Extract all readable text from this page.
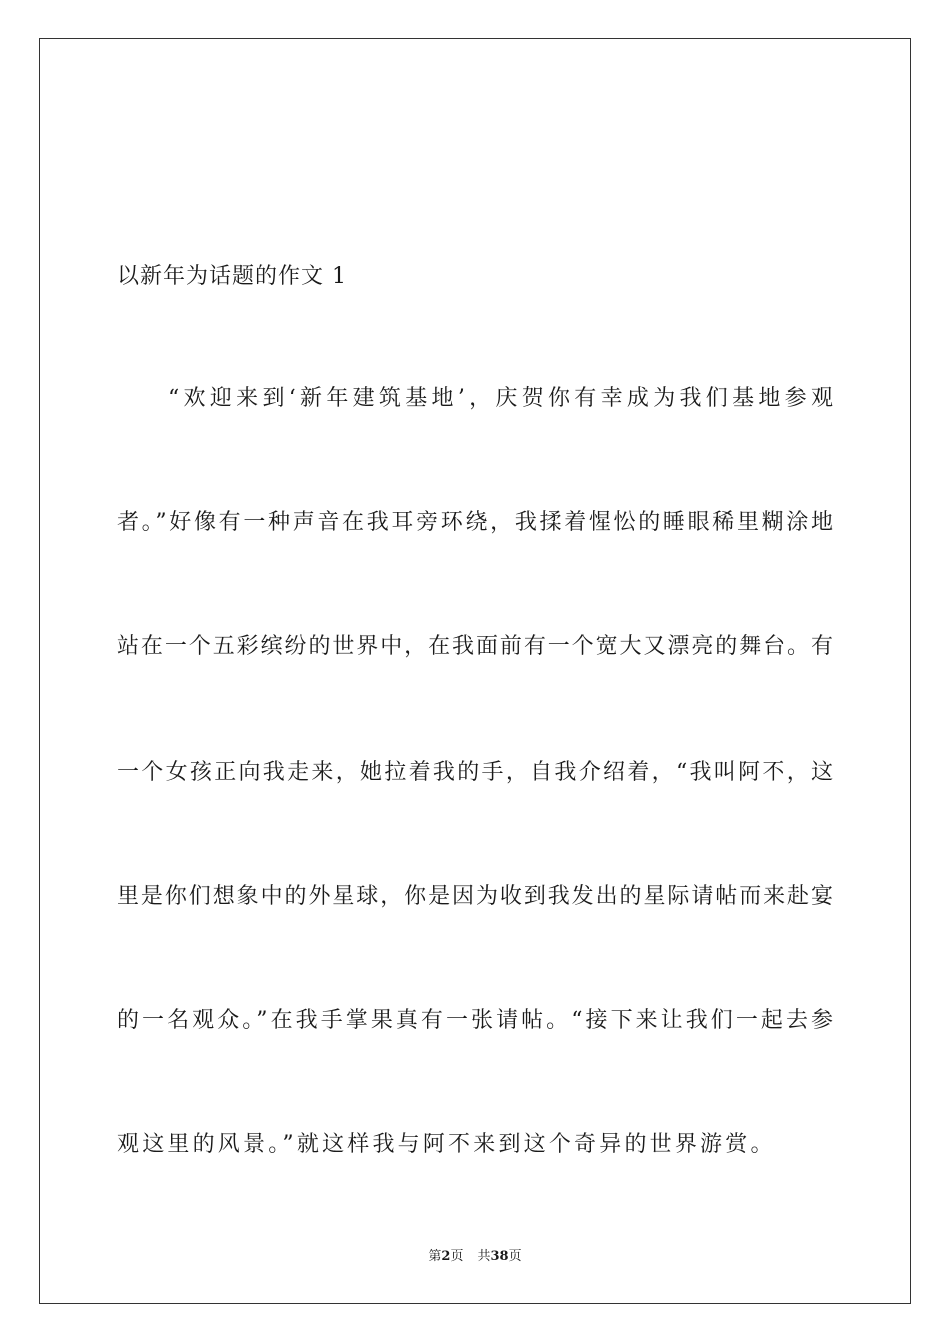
以新年为话题的作文 1
“欢迎来到‘新年建筑基地’，庆贺你有幸成为我们基地参观
者。”好像有一种声音在我耳旁环绕，我揉着惺忪的睡眼稀里糊涂地
站在一个五彩缤纷的世界中，在我面前有一个宽大又漂亮的舞台。有
一个女孩正向我走来，她拉着我的手，自我介绍着，“我叫阿不，这
里是你们想象中的外星球，你是因为收到我发出的星际请帖而来赴宴
的一名观众。”在我手掌果真有一张请帖。“接下来让我们一起去参
观这里的风景。”就这样我与阿不来到这个奇异的世界游赏。
第2页 共38页
